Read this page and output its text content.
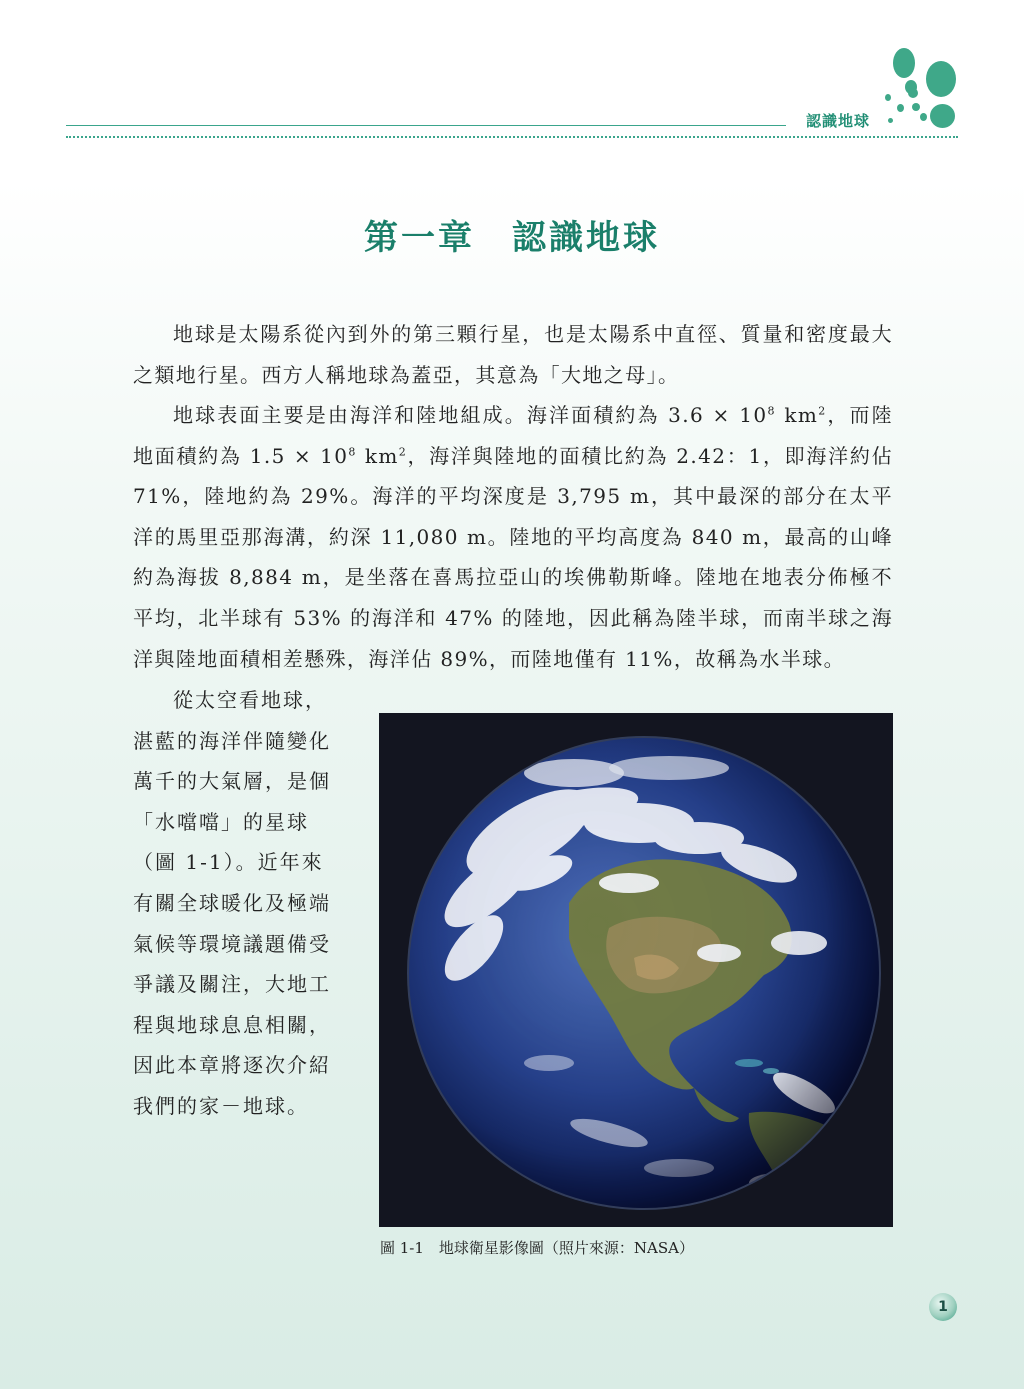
認識地球
第一章　認識地球

地球是太陽系從內到外的第三顆行星，也是太陽系中直徑、質量和密度最大之類地行星。西方人稱地球為蓋亞，其意為「大地之母」。

地球表面主要是由海洋和陸地組成。海洋面積約為 $3.6 \times 10^8$ $km^2$，而陸地面積約為 $1.5 \times 10^8$ $km^2$，海洋與陸地的面積比約為 2.42：1，即海洋約佔 71%，陸地約為 29%。海洋的平均深度是 3,795 m，其中最深的部分在太平洋的馬里亞那海溝，約深 11,080 m。陸地的平均高度為 840 m，最高的山峰約為海拔 8,884 m，是坐落在喜馬拉亞山的埃佛勒斯峰。陸地在地表分佈極不平均，北半球有 53% 的海洋和 47% 的陸地，因此稱為陸半球，而南半球之海洋與陸地面積相差懸殊，海洋佔 89%，而陸地僅有 11%，故稱為水半球。

從太空看地球，湛藍的海洋伴隨變化萬千的大氣層，是個「水噹噹」的星球（圖 1-1）。近年來有關全球暖化及極端氣候等環境議題備受爭議及關注，大地工程與地球息息相關，因此本章將逐次介紹我們的家－地球。

圖 1-1　地球衛星影像圖（照片來源：NASA）
1
